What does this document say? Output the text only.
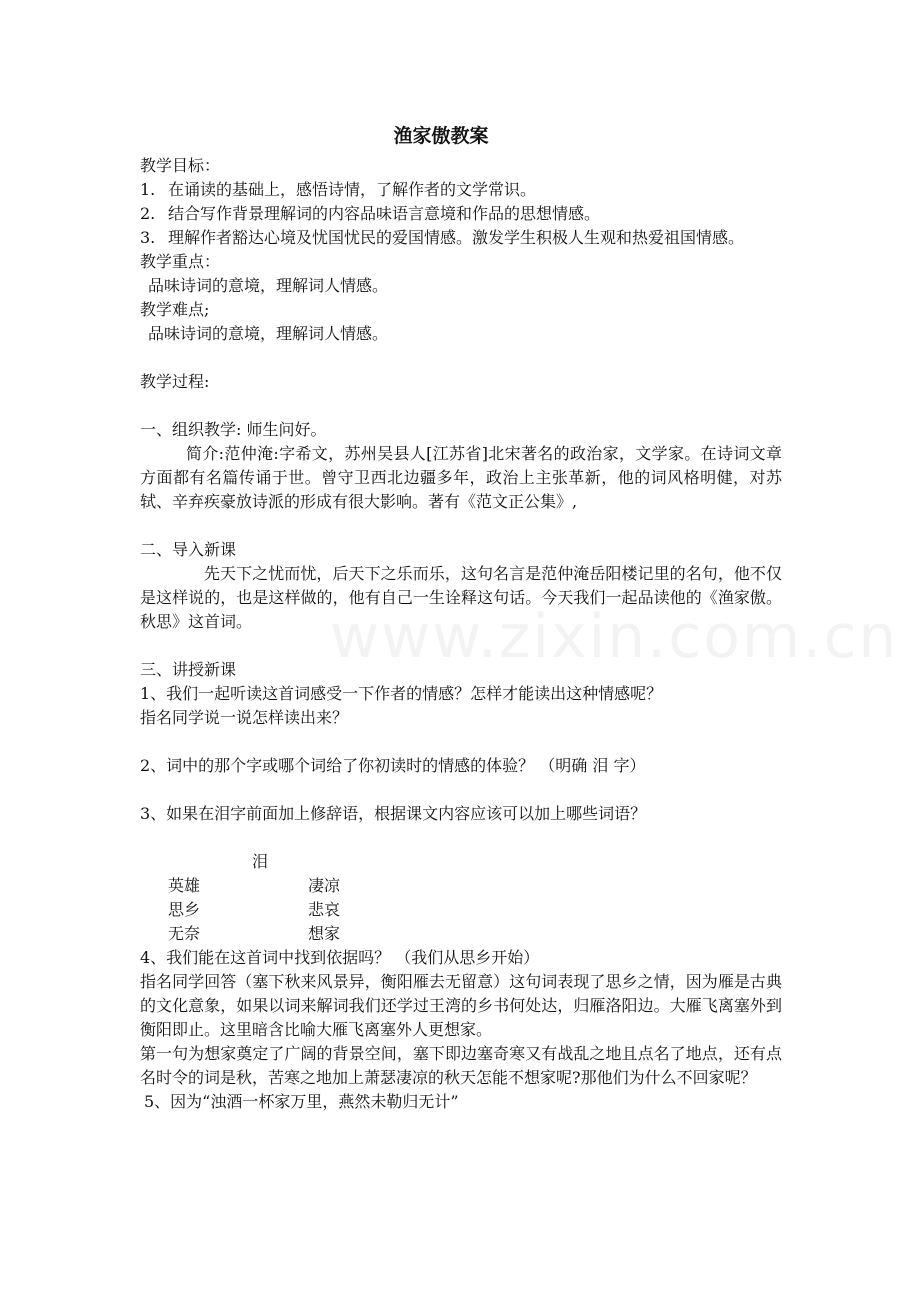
www.zixin.com.cn
渔家傲教案
教学目标：
1. 在诵读的基础上，感悟诗情，了解作者的文学常识。
2. 结合写作背景理解词的内容品味语言意境和作品的思想情感。
3. 理解作者豁达心境及忧国忧民的爱国情感。激发学生积极人生观和热爱祖国情感。
教学重点：
品味诗词的意境，理解词人情感。
教学难点;
品味诗词的意境，理解词人情感。
教学过程:
一、组织教学: 师生问好。
简介:范仲淹:字希文，苏州吴县人[江苏省]北宋著名的政治家，文学家。在诗词文章方面都有名篇传诵于世。曾守卫西北边疆多年，政治上主张革新，他的词风格明健，对苏轼、辛弃疾豪放诗派的形成有很大影响。著有《范文正公集》,
二、导入新课
先天下之忧而忧，后天下之乐而乐，这句名言是范仲淹岳阳楼记里的名句，他不仅是这样说的，也是这样做的，他有自己一生诠释这句话。今天我们一起品读他的《渔家傲。秋思》这首词。
三、讲授新课
1、我们一起听读这首词感受一下作者的情感？怎样才能读出这种情感呢？
指名同学说一说怎样读出来？
2、词中的那个字或哪个词给了你初读时的情感的体验？ （明确 泪 字）
3、如果在泪字前面加上修辞语，根据课文内容应该可以加上哪些词语？
泪
英雄	凄凉
思乡	悲哀
无奈	想家
4、我们能在这首词中找到依据吗？ （我们从思乡开始）
指名同学回答（塞下秋来风景异，衡阳雁去无留意）这句词表现了思乡之情，因为雁是古典的文化意象，如果以词来解词我们还学过王湾的乡书何处达，归雁洛阳边。大雁飞离塞外到衡阳即止。这里暗含比喻大雁飞离塞外人更想家。
第一句为想家奠定了广阔的背景空间，塞下即边塞奇寒又有战乱之地且点名了地点，还有点名时令的词是秋，苦寒之地加上萧瑟凄凉的秋天怎能不想家呢?那他们为什么不回家呢？
5、因为“浊酒一杯家万里，燕然未勒归无计”
